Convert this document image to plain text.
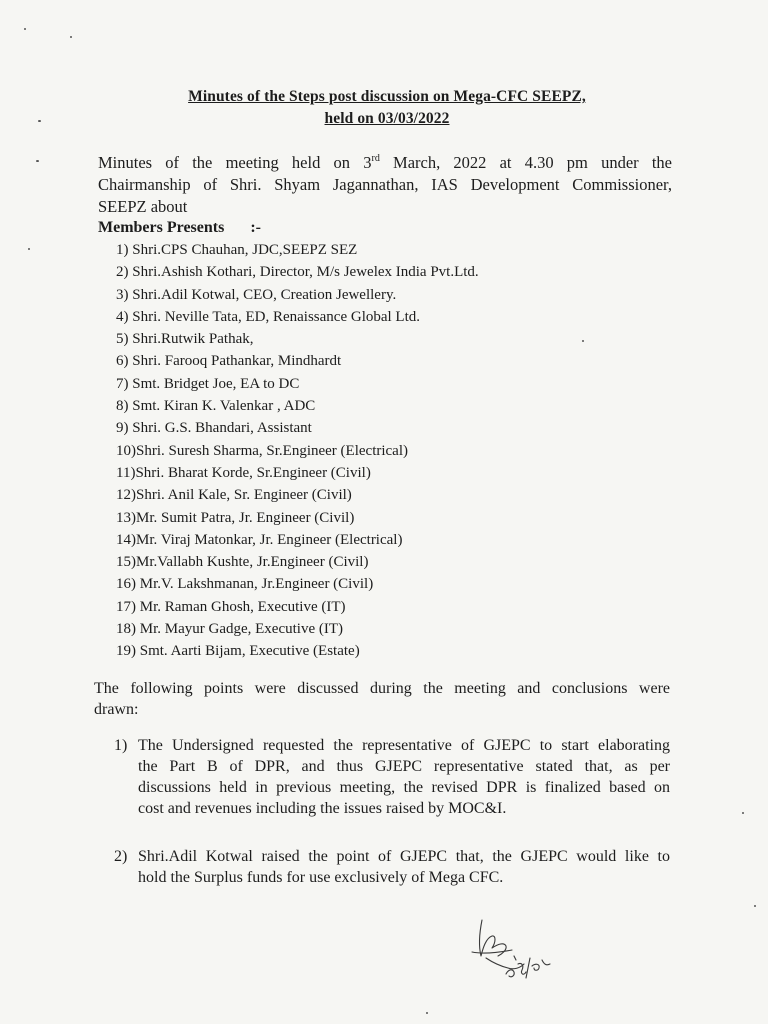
Minutes of the Steps post discussion on Mega-CFC SEEPZ,
held on 03/03/2022
Minutes of the meeting held on 3rd March, 2022 at 4.30 pm under the
Chairmanship of Shri. Shyam Jagannathan, IAS Development Commissioner,
SEEPZ about
Members Presents :-
1) Shri.CPS Chauhan, JDC,SEEPZ SEZ
2) Shri.Ashish Kothari, Director, M/s Jewelex India Pvt.Ltd.
3) Shri.Adil Kotwal, CEO, Creation Jewellery.
4) Shri. Neville Tata, ED, Renaissance Global Ltd.
5) Shri.Rutwik Pathak,
6) Shri. Farooq Pathankar, Mindhardt
7) Smt. Bridget Joe, EA to DC
8) Smt. Kiran K. Valenkar , ADC
9) Shri. G.S. Bhandari, Assistant
10)Shri. Suresh Sharma, Sr.Engineer (Electrical)
11)Shri. Bharat Korde, Sr.Engineer (Civil)
12)Shri. Anil Kale, Sr. Engineer (Civil)
13)Mr. Sumit Patra, Jr. Engineer (Civil)
14)Mr. Viraj Matonkar, Jr. Engineer (Electrical)
15)Mr.Vallabh Kushte, Jr.Engineer (Civil)
16) Mr.V. Lakshmanan, Jr.Engineer (Civil)
17) Mr. Raman Ghosh, Executive (IT)
18) Mr. Mayur Gadge, Executive (IT)
19) Smt. Aarti Bijam, Executive (Estate)
The following points were discussed during the meeting and conclusions were
drawn:
1) The Undersigned requested the representative of GJEPC to start elaborating
the Part B of DPR, and thus GJEPC representative stated that, as per
discussions held in previous meeting, the revised DPR is finalized based on
cost and revenues including the issues raised by MOC&I.
2) Shri.Adil Kotwal raised the point of GJEPC that, the GJEPC would like to
hold the Surplus funds for use exclusively of Mega CFC.
